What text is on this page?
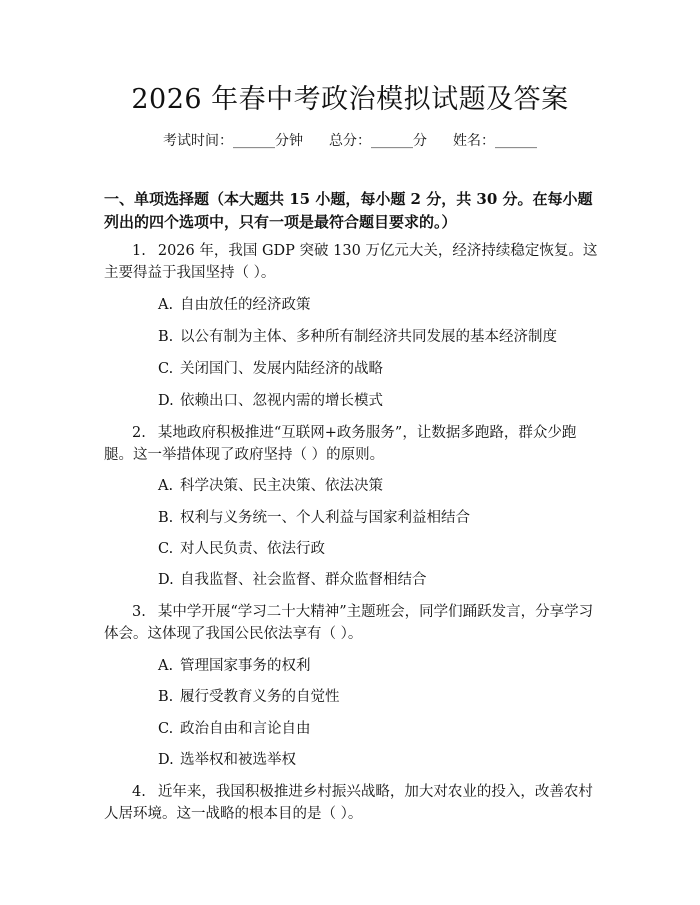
2026 年春中考政治模拟试题及答案
考试时间：______分钟 总分：______分 姓名：______
一、单项选择题（本大题共 15 小题，每小题 2 分，共 30 分。在每小题列出的四个选项中，只有一项是最符合题目要求的。）
1. 2026 年，我国 GDP 突破 130 万亿元大关，经济持续稳定恢复。这主要得益于我国坚持（ ）。
A. 自由放任的经济政策
B. 以公有制为主体、多种所有制经济共同发展的基本经济制度
C. 关闭国门、发展内陆经济的战略
D. 依赖出口、忽视内需的增长模式
2. 某地政府积极推进“互联网+政务服务”，让数据多跑路，群众少跑腿。这一举措体现了政府坚持（ ）的原则。
A. 科学决策、民主决策、依法决策
B. 权利与义务统一、个人利益与国家利益相结合
C. 对人民负责、依法行政
D. 自我监督、社会监督、群众监督相结合
3. 某中学开展“学习二十大精神”主题班会，同学们踊跃发言，分享学习体会。这体现了我国公民依法享有（ ）。
A. 管理国家事务的权利
B. 履行受教育义务的自觉性
C. 政治自由和言论自由
D. 选举权和被选举权
4. 近年来，我国积极推进乡村振兴战略，加大对农业的投入，改善农村人居环境。这一战略的根本目的是（ ）。
